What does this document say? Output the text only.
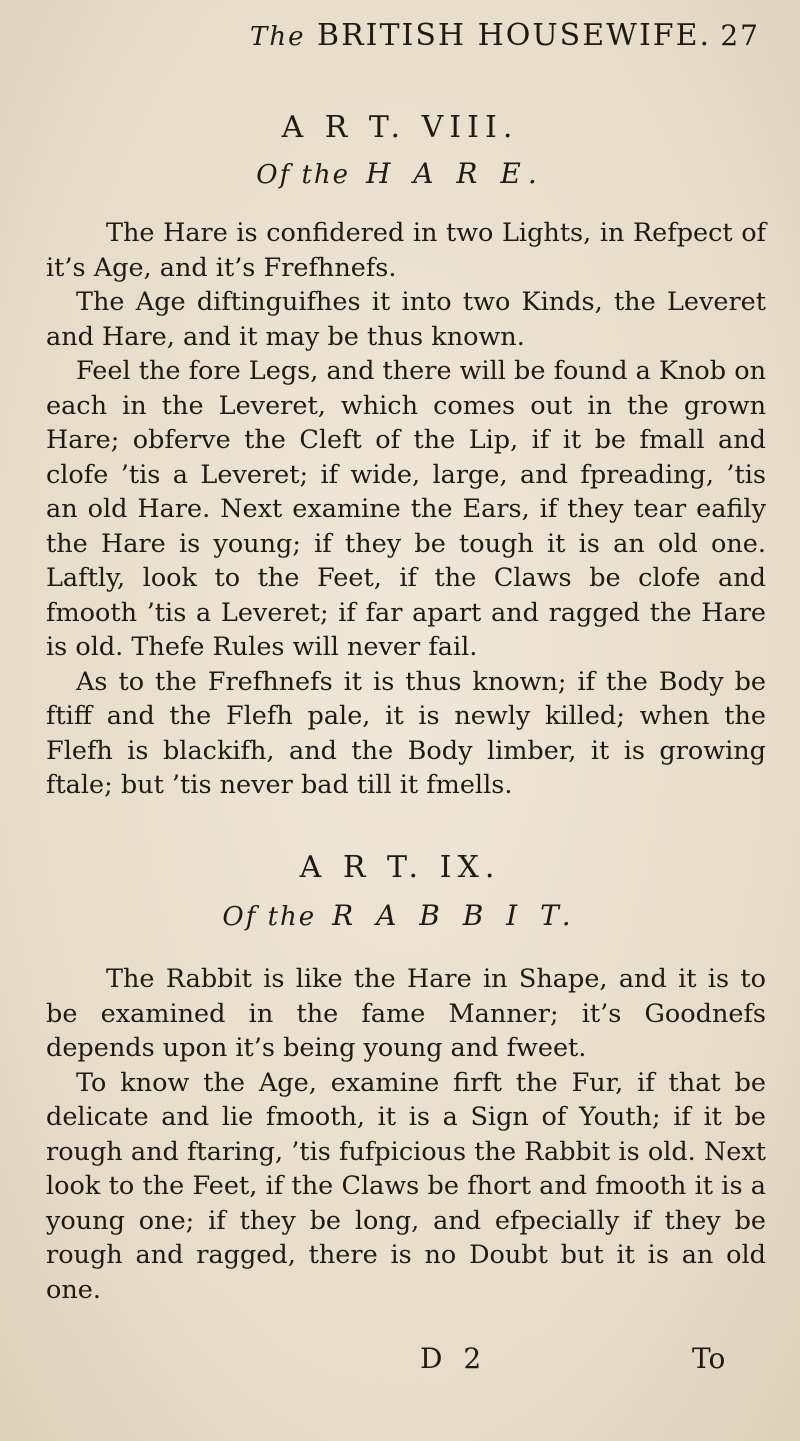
The BRITISH HOUSEWIFE. 27
A R T. VIII.
Of the H A R E.

The Hare is confidered in two Lights, in Refpect of it’s Age, and it’s Frefhnefs.

The Age diftinguifhes it into two Kinds, the Leveret and Hare, and it may be thus known.

Feel the fore Legs, and there will be found a Knob on each in the Leveret, which comes out in the grown Hare; obferve the Cleft of the Lip, if it be fmall and clofe ’tis a Leveret; if wide, large, and fpreading, ’tis an old Hare. Next examine the Ears, if they tear eafily the Hare is young; if they be tough it is an old one. Laftly, look to the Feet, if the Claws be clofe and fmooth ’tis a Leveret; if far apart and ragged the Hare is old. Thefe Rules will never fail.

As to the Frefhnefs it is thus known; if the Body be ftiff and the Flefh pale, it is newly killed; when the Flefh is blackifh, and the Body limber, it is growing ftale; but ’tis never bad till it fmells.

A R T. IX.
Of the R A B B I T.

The Rabbit is like the Hare in Shape, and it is to be examined in the fame Manner; it’s Goodnefs depends upon it’s being young and fweet.

To know the Age, examine firft the Fur, if that be delicate and lie fmooth, it is a Sign of Youth; if it be rough and ftaring, ’tis fufpicious the Rabbit is old. Next look to the Feet, if the Claws be fhort and fmooth it is a young one; if they be long, and efpecially if they be rough and ragged, there is no Doubt but it is an old one.

D 2	To
